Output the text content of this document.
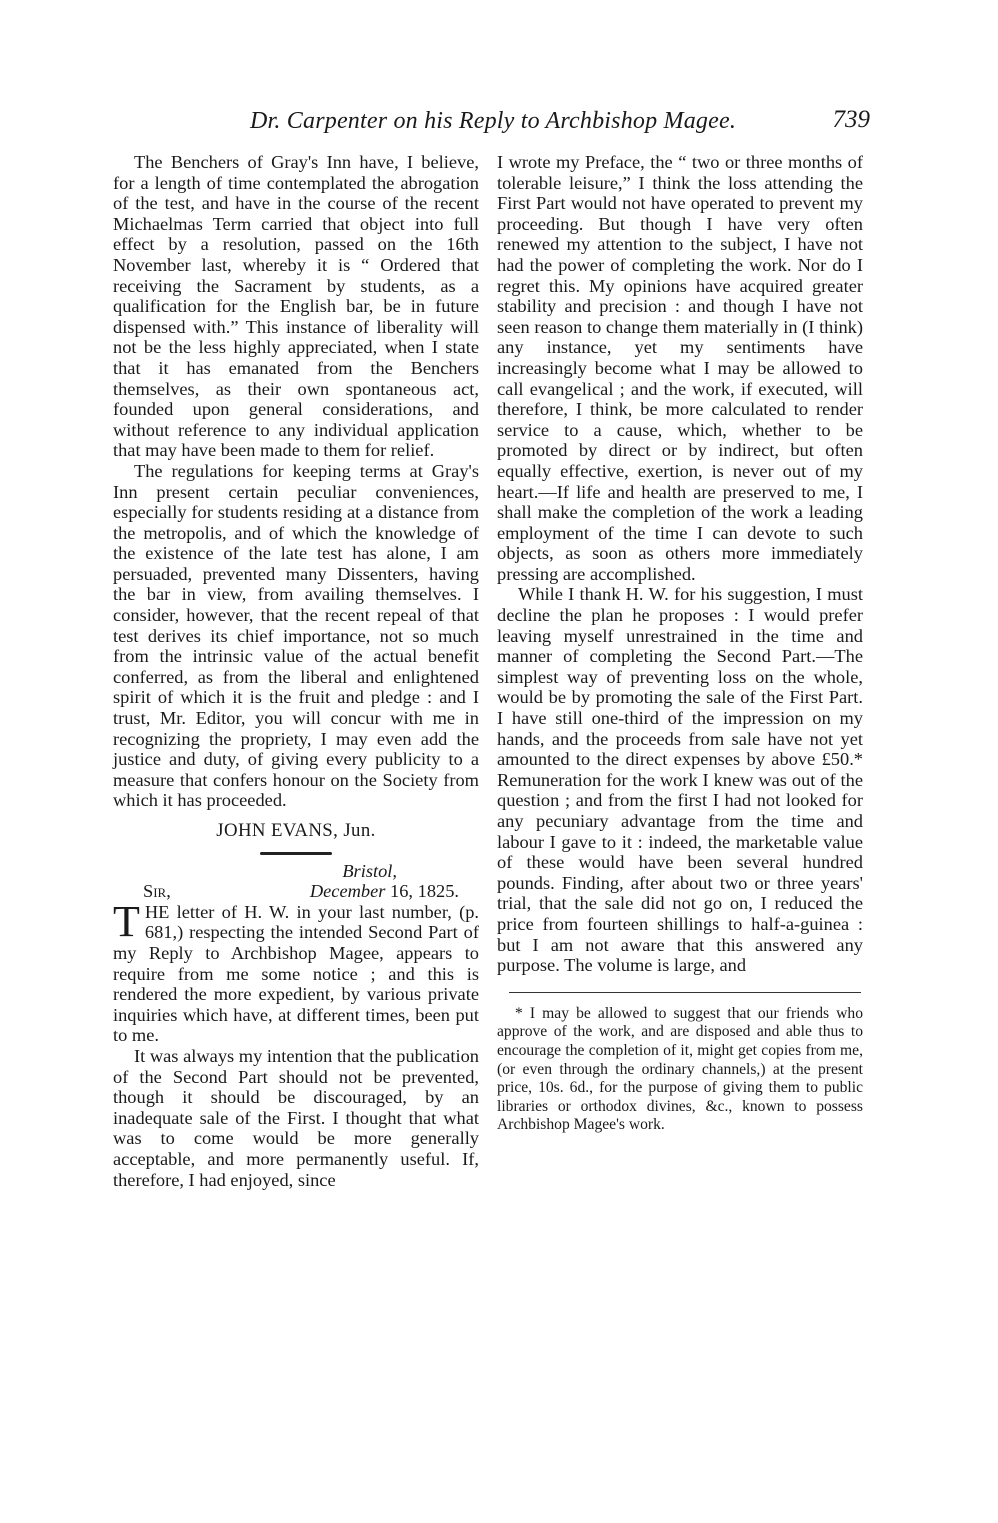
Dr. Carpenter on his Reply to Archbishop Magee.	739

The Benchers of Gray's Inn have, I believe, for a length of time contemplated the abrogation of the test, and have in the course of the recent Michaelmas Term carried that object into full effect by a resolution, passed on the 16th November last, whereby it is “ Ordered that receiving the Sacrament by students, as a qualification for the English bar, be in future dispensed with.” This instance of liberality will not be the less highly appreciated, when I state that it has emanated from the Benchers themselves, as their own spontaneous act, founded upon general considerations, and without reference to any individual application that may have been made to them for relief.

The regulations for keeping terms at Gray's Inn present certain peculiar conveniences, especially for students residing at a distance from the metropolis, and of which the knowledge of the existence of the late test has alone, I am persuaded, prevented many Dissenters, having the bar in view, from availing themselves. I consider, however, that the recent repeal of that test derives its chief importance, not so much from the intrinsic value of the actual benefit conferred, as from the liberal and enlightened spirit of which it is the fruit and pledge : and I trust, Mr. Editor, you will concur with me in recognizing the propriety, I may even add the justice and duty, of giving every publicity to a measure that confers honour on the Society from which it has proceeded.

JOHN EVANS, Jun.

Bristol,

Sir,	December 16, 1825.

THE letter of H. W. in your last number, (p. 681,) respecting the intended Second Part of my Reply to Archbishop Magee, appears to require from me some notice ; and this is rendered the more expedient, by various private inquiries which have, at different times, been put to me.

It was always my intention that the publication of the Second Part should not be prevented, though it should be discouraged, by an inadequate sale of the First. I thought that what was to come would be more generally acceptable, and more permanently useful. If, therefore, I had enjoyed, since

I wrote my Preface, the “ two or three months of tolerable leisure,” I think the loss attending the First Part would not have operated to prevent my proceeding. But though I have very often renewed my attention to the subject, I have not had the power of completing the work. Nor do I regret this. My opinions have acquired greater stability and precision : and though I have not seen reason to change them materially in (I think) any instance, yet my sentiments have increasingly become what I may be allowed to call evangelical ; and the work, if executed, will therefore, I think, be more calculated to render service to a cause, which, whether to be promoted by direct or by indirect, but often equally effective, exertion, is never out of my heart.—If life and health are preserved to me, I shall make the completion of the work a leading employment of the time I can devote to such objects, as soon as others more immediately pressing are accomplished.

While I thank H. W. for his suggestion, I must decline the plan he proposes : I would prefer leaving myself unrestrained in the time and manner of completing the Second Part.—The simplest way of preventing loss on the whole, would be by promoting the sale of the First Part. I have still one-third of the impression on my hands, and the proceeds from sale have not yet amounted to the direct expenses by above £50.* Remuneration for the work I knew was out of the question ; and from the first I had not looked for any pecuniary advantage from the time and labour I gave to it : indeed, the marketable value of these would have been several hundred pounds. Finding, after about two or three years' trial, that the sale did not go on, I reduced the price from fourteen shillings to half-a-guinea : but I am not aware that this answered any purpose. The volume is large, and

* I may be allowed to suggest that our friends who approve of the work, and are disposed and able thus to encourage the completion of it, might get copies from me, (or even through the ordinary channels,) at the present price, 10s. 6d., for the purpose of giving them to public libraries or orthodox divines, &c., known to possess Archbishop Magee's work.
